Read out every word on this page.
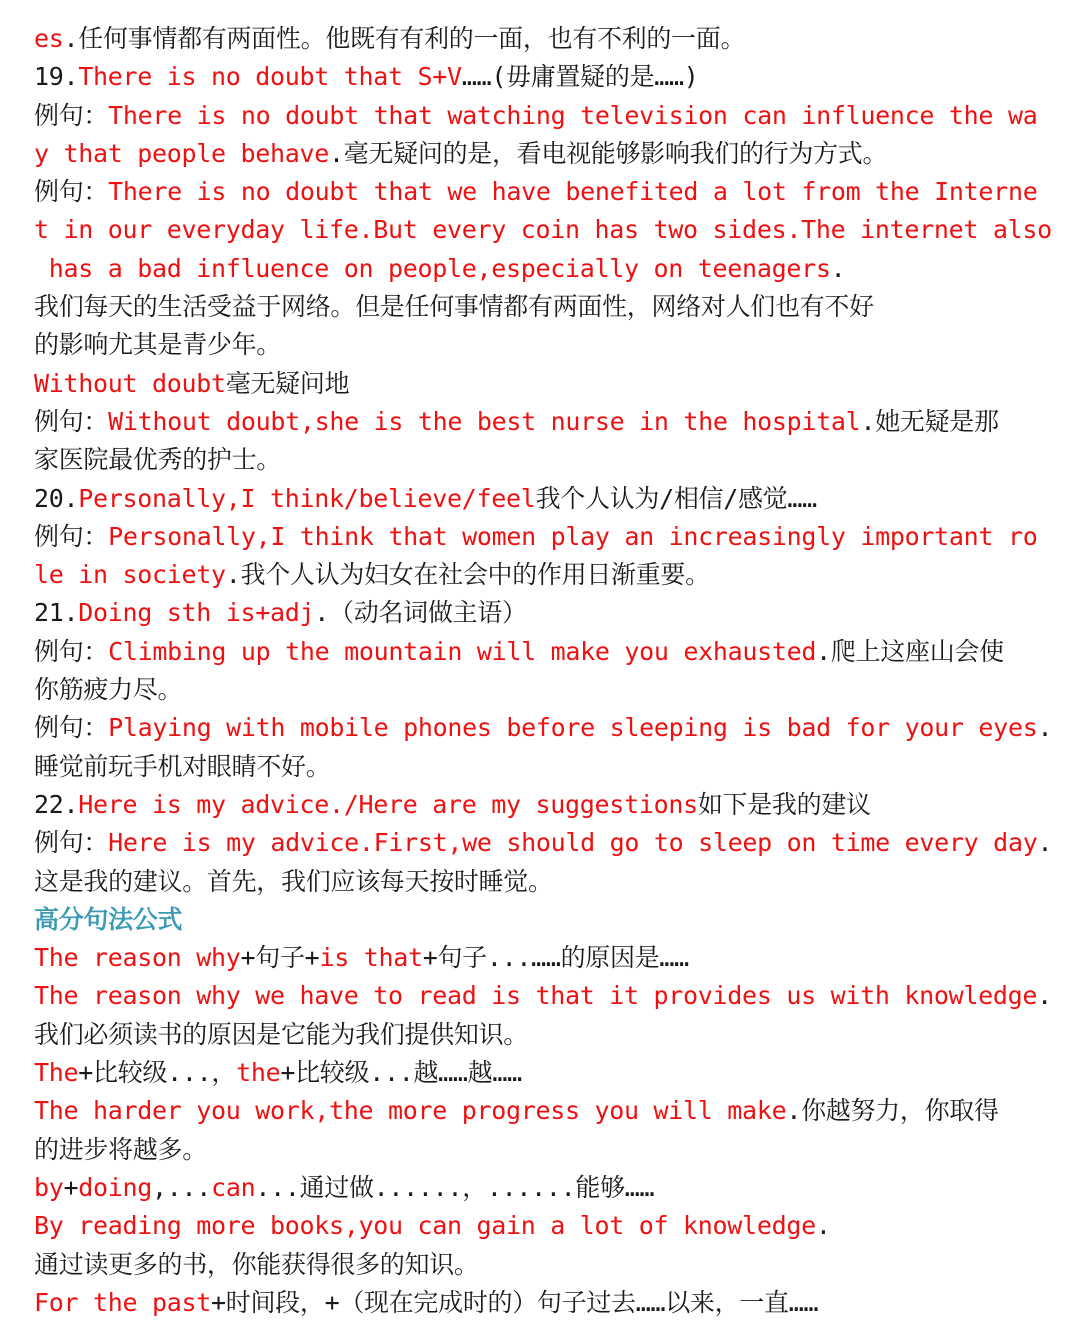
es.任何事情都有两面性。他既有有利的一面，也有不利的一面。
19.There is no doubt that S+V……(毋庸置疑的是……)
例句：There is no doubt that watching television can influence the wa
y that people behave.毫无疑问的是，看电视能够影响我们的行为方式。
例句：There is no doubt that we have benefited a lot from the Interne
t in our everyday life.But every coin has two sides.The internet also
has a bad influence on people,especially on teenagers.
我们每天的生活受益于网络。但是任何事情都有两面性，网络对人们也有不好
的影响尤其是青少年。
Without doubt毫无疑问地
例句：Without doubt,she is the best nurse in the hospital.她无疑是那
家医院最优秀的护士。
20.Personally,I think/believe/feel我个人认为/相信/感觉……
例句：Personally,I think that women play an increasingly important ro
le in society.我个人认为妇女在社会中的作用日渐重要。
21.Doing sth is+adj.（动名词做主语）
例句：Climbing up the mountain will make you exhausted.爬上这座山会使
你筋疲力尽。
例句：Playing with mobile phones before sleeping is bad for your eyes.
睡觉前玩手机对眼睛不好。
22.Here is my advice./Here are my suggestions如下是我的建议
例句：Here is my advice.First,we should go to sleep on time every day.
这是我的建议。首先，我们应该每天按时睡觉。
高分句法公式
The reason why+句子+is that+句子...……的原因是……
The reason why we have to read is that it provides us with knowledge.
我们必须读书的原因是它能为我们提供知识。
The+比较级...，the+比较级...越……越……
The harder you work,the more progress you will make.你越努力，你取得
的进步将越多。
by+doing,...can...通过做......，......能够……
By reading more books,you can gain a lot of knowledge.
通过读更多的书，你能获得很多的知识。
For the past+时间段，+（现在完成时的）句子过去……以来，一直……
